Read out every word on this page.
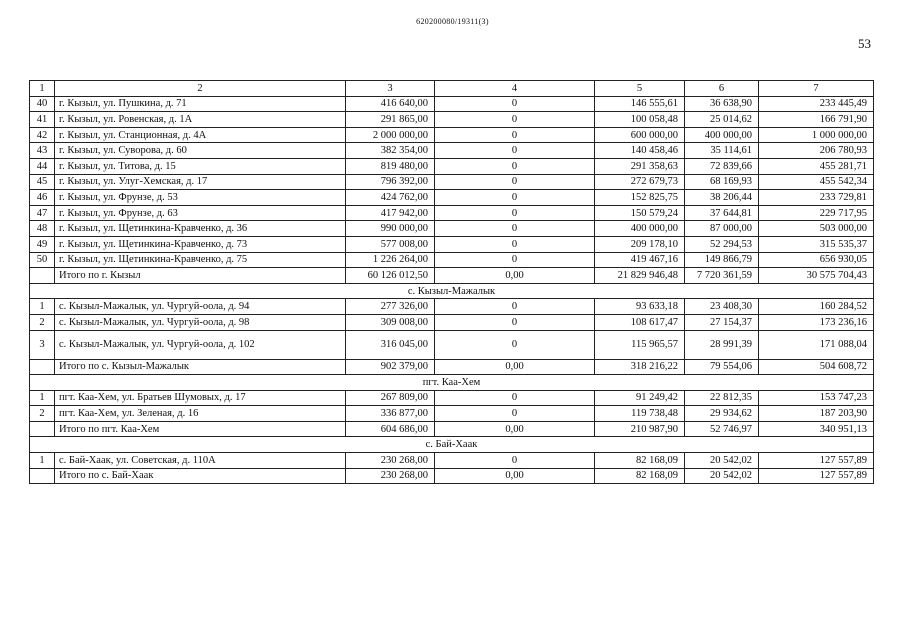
620200080/19311(3)
53
1	2	3	4	5	6	7
40	г. Кызыл, ул. Пушкина, д. 71	416 640,00	0	146 555,61	36 638,90	233 445,49
41	г. Кызыл, ул. Ровенская, д. 1А	291 865,00	0	100 058,48	25 014,62	166 791,90
42	г. Кызыл, ул. Станционная, д. 4А	2 000 000,00	0	600 000,00	400 000,00	1 000 000,00
43	г. Кызыл, ул. Суворова, д. 60	382 354,00	0	140 458,46	35 114,61	206 780,93
44	г. Кызыл, ул. Титова, д. 15	819 480,00	0	291 358,63	72 839,66	455 281,71
45	г. Кызыл, ул. Улуг-Хемская, д. 17	796 392,00	0	272 679,73	68 169,93	455 542,34
46	г. Кызыл, ул. Фрунзе, д. 53	424 762,00	0	152 825,75	38 206,44	233 729,81
47	г. Кызыл, ул. Фрунзе, д. 63	417 942,00	0	150 579,24	37 644,81	229 717,95
48	г. Кызыл, ул. Щетинкина-Кравченко, д. 36	990 000,00	0	400 000,00	87 000,00	503 000,00
49	г. Кызыл, ул. Щетинкина-Кравченко, д. 73	577 008,00	0	209 178,10	52 294,53	315 535,37
50	г. Кызыл, ул. Щетинкина-Кравченко, д. 75	1 226 264,00	0	419 467,16	149 866,79	656 930,05
	Итого по г. Кызыл	60 126 012,50	0,00	21 829 946,48	7 720 361,59	30 575 704,43
с. Кызыл-Мажалык						
1	с. Кызыл-Мажалык, ул. Чургуй-оола, д. 94	277 326,00	0	93 633,18	23 408,30	160 284,52
2	с. Кызыл-Мажалык, ул. Чургуй-оола, д. 98	309 008,00	0	108 617,47	27 154,37	173 236,16
3	с. Кызыл-Мажалык, ул. Чургуй-оола, д. 102	316 045,00	0	115 965,57	28 991,39	171 088,04
	Итого по с. Кызыл-Мажалык	902 379,00	0,00	318 216,22	79 554,06	504 608,72
пгт. Каа-Хем						
1	пгт. Каа-Хем, ул. Братьев Шумовых, д. 17	267 809,00	0	91 249,42	22 812,35	153 747,23
2	пгт. Каа-Хем, ул. Зеленая, д. 16	336 877,00	0	119 738,48	29 934,62	187 203,90
	Итого по пгт. Каа-Хем	604 686,00	0,00	210 987,90	52 746,97	340 951,13
с. Бай-Хаак						
1	с. Бай-Хаак, ул. Советская, д. 110А	230 268,00	0	82 168,09	20 542,02	127 557,89
	Итого по с. Бай-Хаак	230 268,00	0,00	82 168,09	20 542,02	127 557,89
